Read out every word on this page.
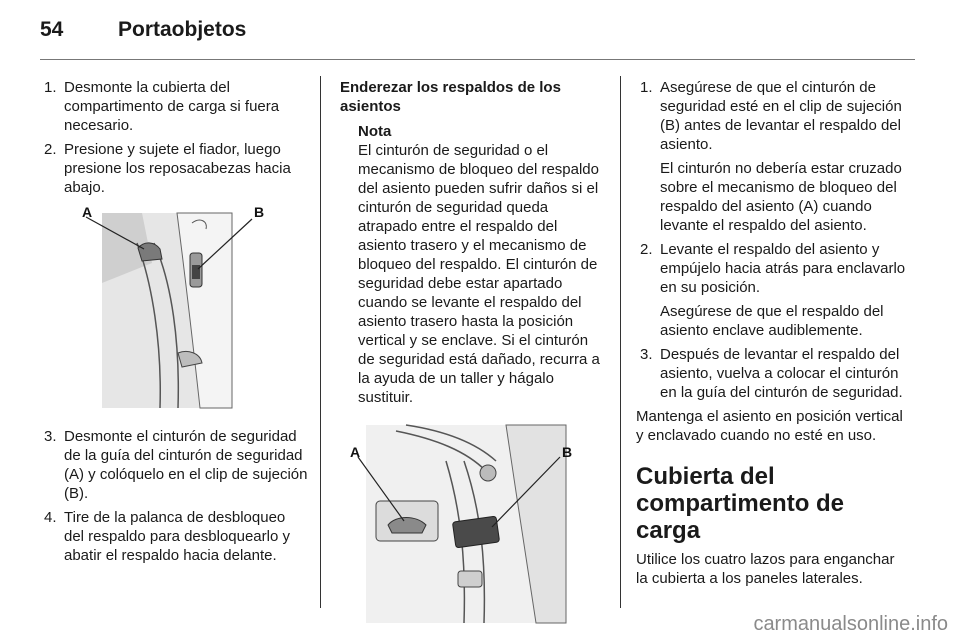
54	Portaobjetos
1. Desmonte la cubierta del compartimento de carga si fuera necesario.

2. Presione y sujete el fiador, luego presione los reposacabezas hacia abajo.

A	B
3. Desmonte el cinturón de seguridad de la guía del cinturón de seguridad (A) y colóquelo en el clip de sujeción (B).

4. Tire de la palanca de desbloqueo del respaldo para desbloquearlo y abatir el respaldo hacia delante.

Enderezar los respaldos de los asientos

Nota

El cinturón de seguridad o el mecanismo de bloqueo del respaldo del asiento pueden sufrir daños si el cinturón de seguridad queda atrapado entre el respaldo del asiento trasero y el mecanismo de bloqueo del respaldo. El cinturón de seguridad debe estar apartado cuando se levante el respaldo del asiento trasero hasta la posición vertical y se enclave. Si el cinturón de seguridad está dañado, recurra a la ayuda de un taller y hágalo sustituir.

A	B
1. Asegúrese de que el cinturón de seguridad esté en el clip de sujeción (B) antes de levantar el respaldo del asiento.

El cinturón no debería estar cruzado sobre el mecanismo de bloqueo del respaldo del asiento (A) cuando levante el respaldo del asiento.

2. Levante el respaldo del asiento y empújelo hacia atrás para enclavarlo en su posición.

Asegúrese de que el respaldo del asiento enclave audiblemente.

3. Después de levantar el respaldo del asiento, vuelva a colocar el cinturón en la guía del cinturón de seguridad.

Mantenga el asiento en posición vertical y enclavado cuando no esté en uso.

Cubierta del compartimento de carga

Utilice los cuatro lazos para enganchar la cubierta a los paneles laterales.

carmanualsonline.info
